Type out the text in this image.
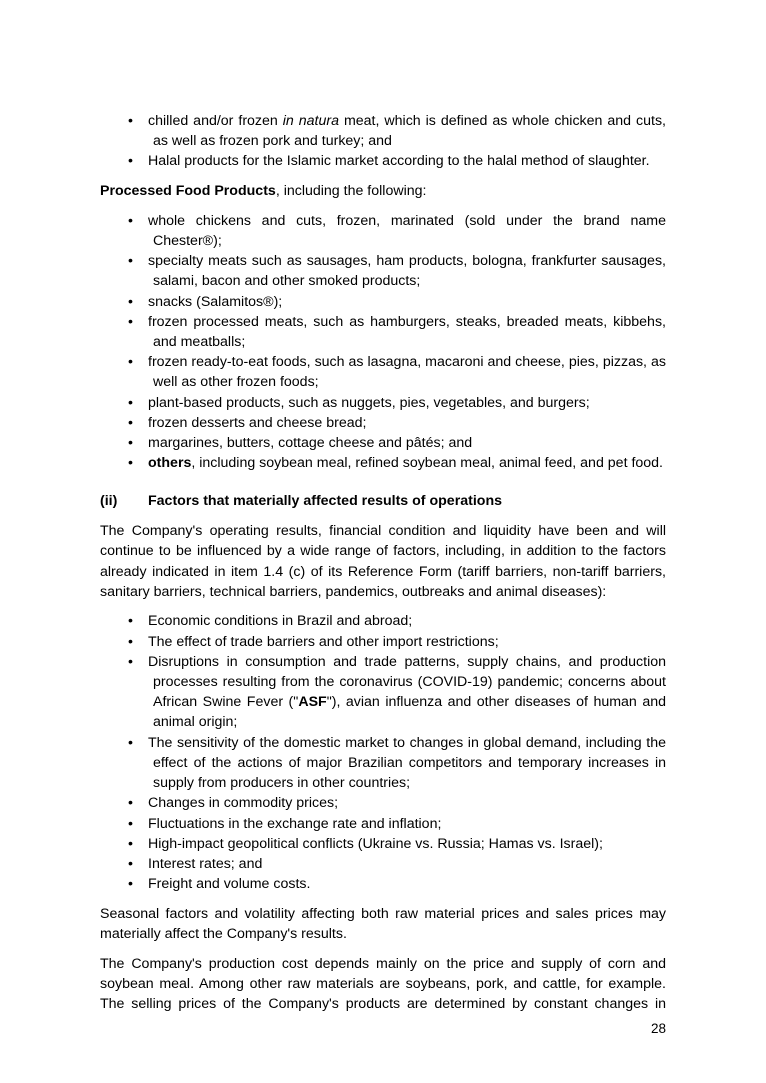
• chilled and/or frozen in natura meat, which is defined as whole chicken and cuts, as well as frozen pork and turkey; and
• Halal products for the Islamic market according to the halal method of slaughter.

Processed Food Products, including the following:

• whole chickens and cuts, frozen, marinated (sold under the brand name Chester®);
• specialty meats such as sausages, ham products, bologna, frankfurter sausages, salami, bacon and other smoked products;
• snacks (Salamitos®);
• frozen processed meats, such as hamburgers, steaks, breaded meats, kibbehs, and meatballs;
• frozen ready-to-eat foods, such as lasagna, macaroni and cheese, pies, pizzas, as well as other frozen foods;
• plant-based products, such as nuggets, pies, vegetables, and burgers;
• frozen desserts and cheese bread;
• margarines, butters, cottage cheese and pâtés; and
• others, including soybean meal, refined soybean meal, animal feed, and pet food.

(ii) Factors that materially affected results of operations

The Company's operating results, financial condition and liquidity have been and will continue to be influenced by a wide range of factors, including, in addition to the factors already indicated in item 1.4 (c) of its Reference Form (tariff barriers, non-tariff barriers, sanitary barriers, technical barriers, pandemics, outbreaks and animal diseases):

• Economic conditions in Brazil and abroad;
• The effect of trade barriers and other import restrictions;
• Disruptions in consumption and trade patterns, supply chains, and production processes resulting from the coronavirus (COVID-19) pandemic; concerns about African Swine Fever ("ASF"), avian influenza and other diseases of human and animal origin;
• The sensitivity of the domestic market to changes in global demand, including the effect of the actions of major Brazilian competitors and temporary increases in supply from producers in other countries;
• Changes in commodity prices;
• Fluctuations in the exchange rate and inflation;
• High-impact geopolitical conflicts (Ukraine vs. Russia; Hamas vs. Israel);
• Interest rates; and
• Freight and volume costs.

Seasonal factors and volatility affecting both raw material prices and sales prices may materially affect the Company's results.

The Company's production cost depends mainly on the price and supply of corn and soybean meal. Among other raw materials are soybeans, pork, and cattle, for example. The selling prices of the Company's products are determined by constant changes in

28
